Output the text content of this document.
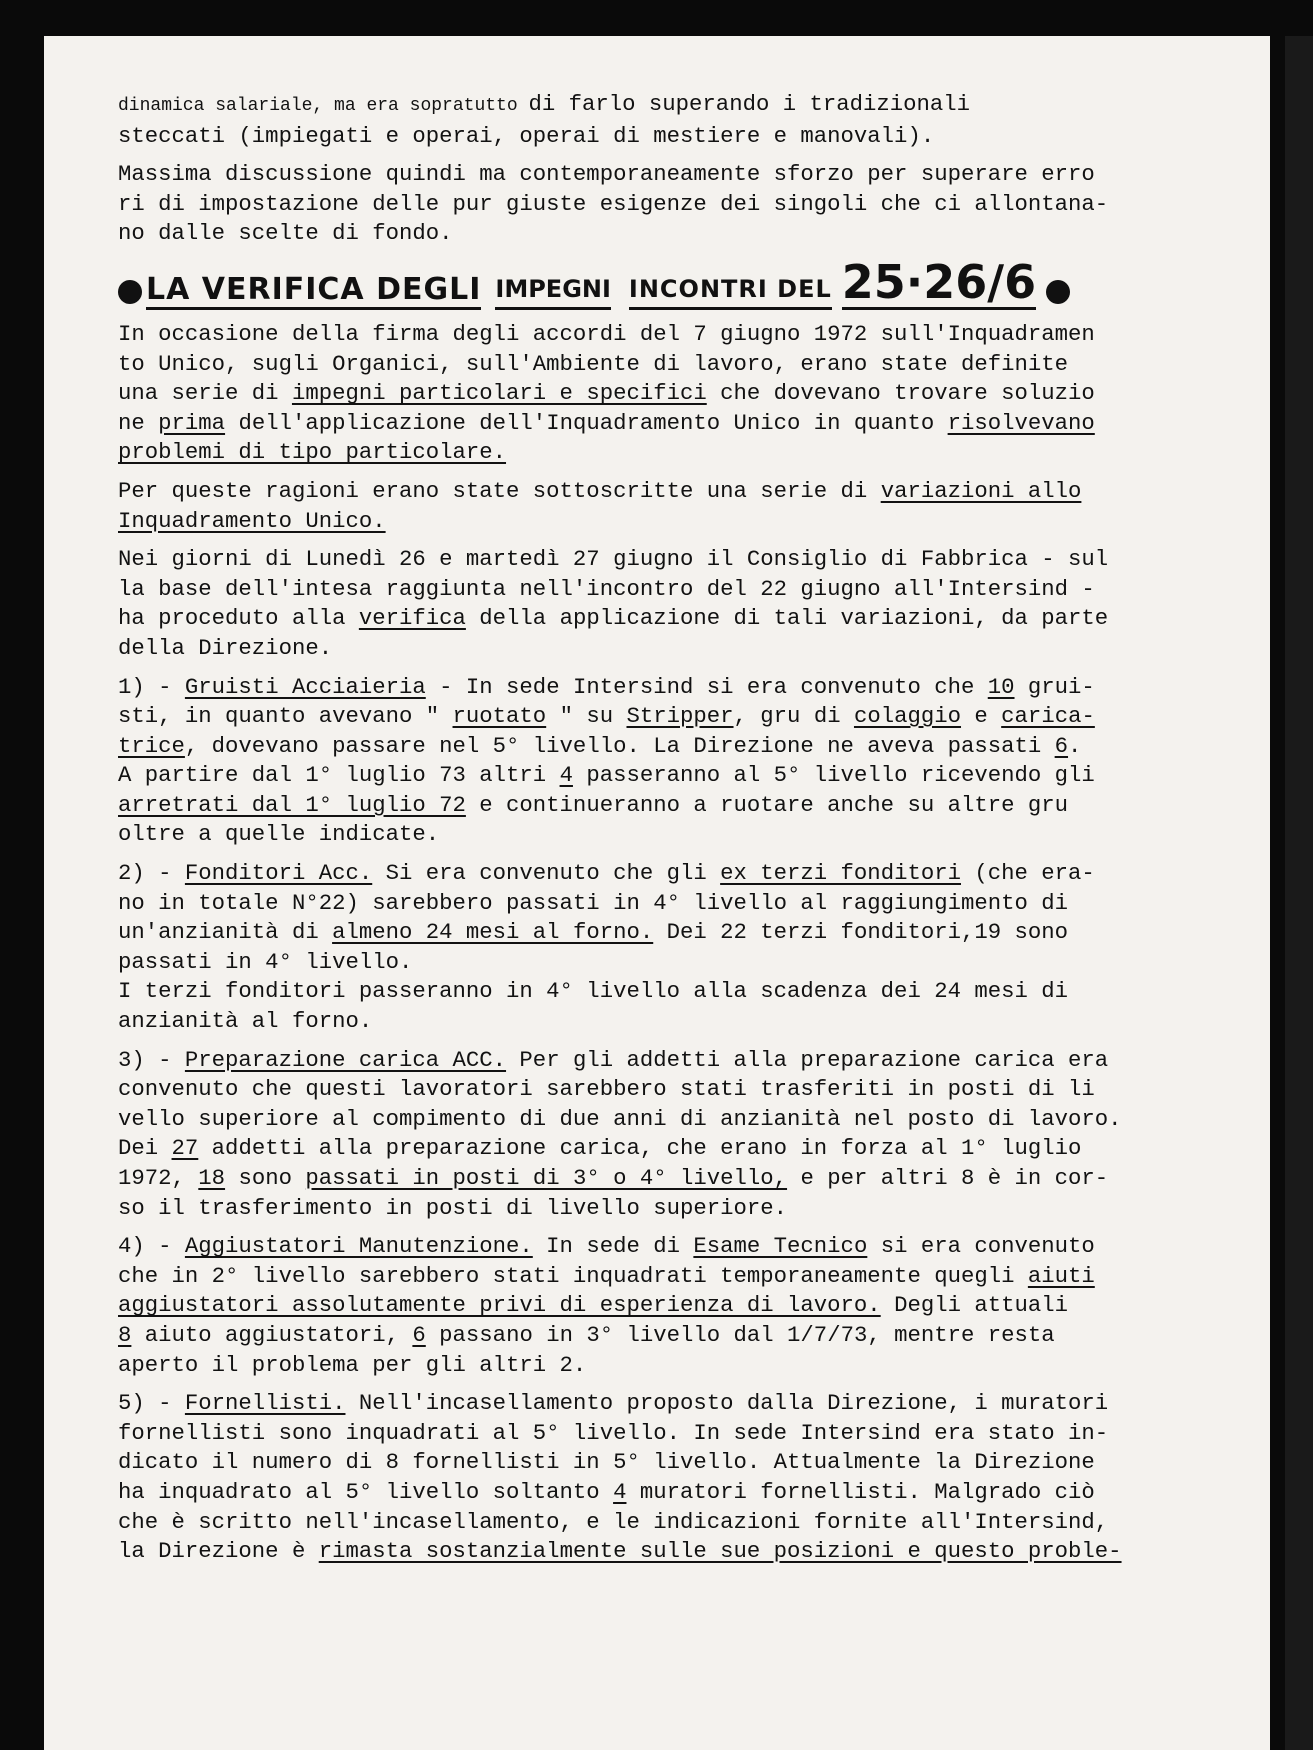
dinamica salariale, ma era sopratutto di farlo superando i tradizionali
steccati (impiegati e operai, operai di mestiere e manovali).
Massima discussione quindi ma contemporaneamente sforzo per superare erro
ri di impostazione delle pur giuste esigenze dei singoli che ci allontana-
no dalle scelte di fondo.
LA VERIFICA DEGLI IMPEGNI INCONTRI DEL 25·26/6
In occasione della firma degli accordi del 7 giugno 1972 sull'Inquadramen
to Unico, sugli Organici, sull'Ambiente di lavoro, erano state definite
una serie di impegni particolari e specifici che dovevano trovare soluzio
ne prima dell'applicazione dell'Inquadramento Unico in quanto risolvevano
problemi di tipo particolare.
Per queste ragioni erano state sottoscritte una serie di variazioni allo
Inquadramento Unico.
Nei giorni di Lunedì 26 e martedì 27 giugno il Consiglio di Fabbrica - sul
la base dell'intesa raggiunta nell'incontro del 22 giugno all'Intersind -
ha proceduto alla verifica della applicazione di tali variazioni, da parte
della Direzione.
1) - Gruisti Acciaieria - In sede Intersind si era convenuto che 10 grui-
sti, in quanto avevano " ruotato " su Stripper, gru di colaggio e carica-
trice, dovevano passare nel 5° livello. La Direzione ne aveva passati 6.
A partire dal 1° luglio 73 altri 4 passeranno al 5° livello ricevendo gli
arretrati dal 1° luglio 72 e continueranno a ruotare anche su altre gru
oltre a quelle indicate.
2) - Fonditori Acc. Si era convenuto che gli ex terzi fonditori (che era-
no in totale N°22) sarebbero passati in 4° livello al raggiungimento di
un'anzianità di almeno 24 mesi al forno. Dei 22 terzi fonditori,19 sono
passati in 4° livello.
I terzi fonditori passeranno in 4° livello alla scadenza dei 24 mesi di
anzianità al forno.
3) - Preparazione carica ACC. Per gli addetti alla preparazione carica era
convenuto che questi lavoratori sarebbero stati trasferiti in posti di li
vello superiore al compimento di due anni di anzianità nel posto di lavoro.
Dei 27 addetti alla preparazione carica, che erano in forza al 1° luglio
1972, 18 sono passati in posti di 3° o 4° livello, e per altri 8 è in cor-
so il trasferimento in posti di livello superiore.
4) - Aggiustatori Manutenzione. In sede di Esame Tecnico si era convenuto
che in 2° livello sarebbero stati inquadrati temporaneamente quegli aiuti
aggiustatori assolutamente privi di esperienza di lavoro. Degli attuali
8 aiuto aggiustatori, 6 passano in 3° livello dal 1/7/73, mentre resta
aperto il problema per gli altri 2.
5) - Fornellisti. Nell'incasellamento proposto dalla Direzione, i muratori
fornellisti sono inquadrati al 5° livello. In sede Intersind era stato in-
dicato il numero di 8 fornellisti in 5° livello. Attualmente la Direzione
ha inquadrato al 5° livello soltanto 4 muratori fornellisti. Malgrado ciò
che è scritto nell'incasellamento, e le indicazioni fornite all'Intersind,
la Direzione è rimasta sostanzialmente sulle sue posizioni e questo proble-
